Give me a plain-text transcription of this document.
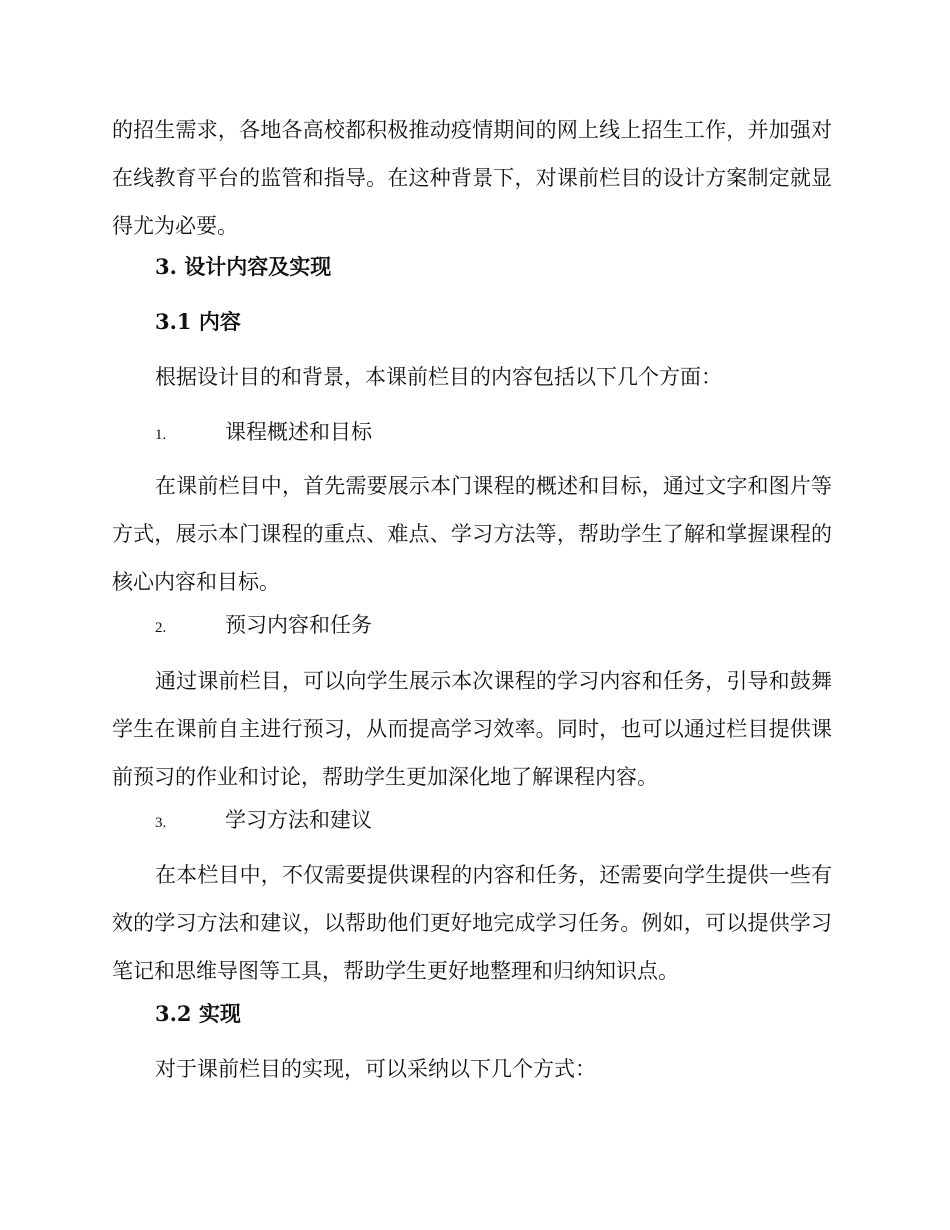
的招生需求，各地各高校都积极推动疫情期间的网上线上招生工作，并加强对在线教育平台的监管和指导。在这种背景下，对课前栏目的设计方案制定就显得尤为必要。

3. 设计内容及实现

3.1 内容

根据设计目的和背景，本课前栏目的内容包括以下几个方面：

1.	课程概述和目标

在课前栏目中，首先需要展示本门课程的概述和目标，通过文字和图片等方式，展示本门课程的重点、难点、学习方法等，帮助学生了解和掌握课程的核心内容和目标。

2.	预习内容和任务

通过课前栏目，可以向学生展示本次课程的学习内容和任务，引导和鼓舞学生在课前自主进行预习，从而提高学习效率。同时，也可以通过栏目提供课前预习的作业和讨论，帮助学生更加深化地了解课程内容。

3.	学习方法和建议

在本栏目中，不仅需要提供课程的内容和任务，还需要向学生提供一些有效的学习方法和建议，以帮助他们更好地完成学习任务。例如，可以提供学习笔记和思维导图等工具，帮助学生更好地整理和归纳知识点。

3.2 实现

对于课前栏目的实现，可以采纳以下几个方式：
